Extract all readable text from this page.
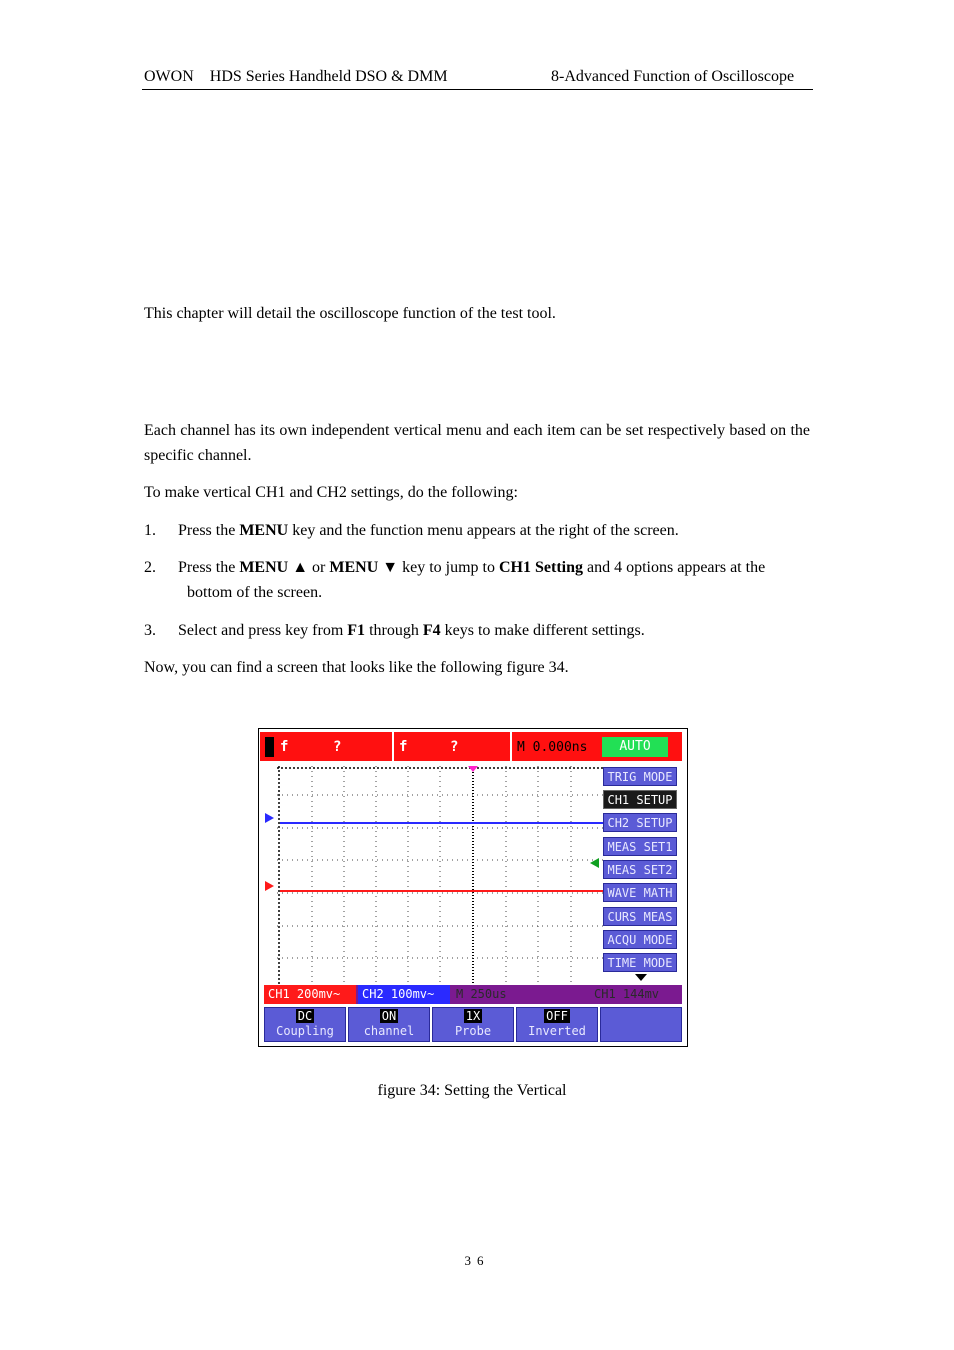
OWON    HDS Series Handheld DSO & DMM	8-Advanced Function of Oscilloscope
This chapter will detail the oscilloscope function of the test tool.
Each channel has its own independent vertical menu and each item can be set respectively based on the specific channel.
To make vertical CH1 and CH2 settings, do the following:
1. Press the MENU key and the function menu appears at the right of the screen.
2. Press the MENU ▲ or MENU ▼ key to jump to CH1 Setting and 4 options appears at the
bottom of the screen.
3. Select and press key from F1 through F4 keys to make different settings.
Now, you can find a screen that looks like the following figure 34.
f	?	f	?	M 0.000ns	AUTO
TRIG MODE
CH1 SETUP
CH2 SETUP
MEAS SET1
MEAS SET2
WAVE MATH
CURS MEAS
ACQU MODE
TIME MODE
CH1 200mv~	CH2 100mv~	M 250us	CH1 144mv
DC
Coupling
ON
channel
1X
Probe
OFF
Inverted
figure 34: Setting the Vertical
36
